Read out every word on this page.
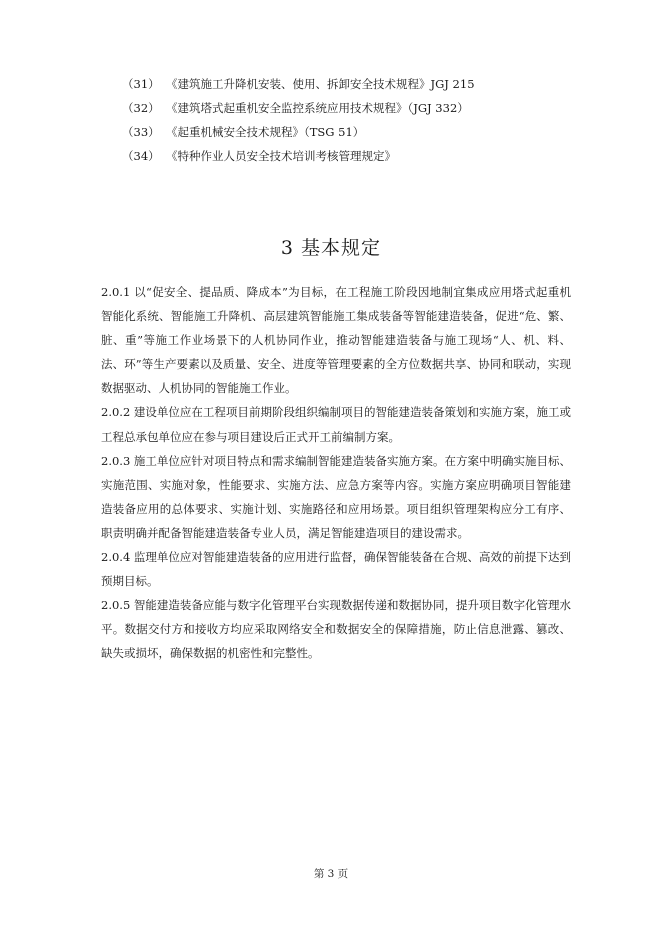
（31） 《建筑施工升降机安装、使用、拆卸安全技术规程》JGJ 215
（32） 《建筑塔式起重机安全监控系统应用技术规程》（JGJ 332）
（33） 《起重机械安全技术规程》（TSG 51）
（34） 《特种作业人员安全技术培训考核管理规定》
3 基本规定

2.0.1 以“促安全、提品质、降成本”为目标，在工程施工阶段因地制宜集成应用塔式起重机智能化系统、智能施工升降机、高层建筑智能施工集成装备等智能建造装备，促进“危、繁、脏、重”等施工作业场景下的人机协同作业，推动智能建造装备与施工现场“人、机、料、法、环”等生产要素以及质量、安全、进度等管理要素的全方位数据共享、协同和联动，实现数据驱动、人机协同的智能施工作业。

2.0.2 建设单位应在工程项目前期阶段组织编制项目的智能建造装备策划和实施方案，施工或工程总承包单位应在参与项目建设后正式开工前编制方案。

2.0.3 施工单位应针对项目特点和需求编制智能建造装备实施方案。在方案中明确实施目标、实施范围、实施对象，性能要求、实施方法、应急方案等内容。实施方案应明确项目智能建造装备应用的总体要求、实施计划、实施路径和应用场景。项目组织管理架构应分工有序、职责明确并配备智能建造装备专业人员，满足智能建造项目的建设需求。

2.0.4 监理单位应对智能建造装备的应用进行监督，确保智能装备在合规、高效的前提下达到预期目标。

2.0.5 智能建造装备应能与数字化管理平台实现数据传递和数据协同，提升项目数字化管理水平。数据交付方和接收方均应采取网络安全和数据安全的保障措施，防止信息泄露、篡改、缺失或损坏，确保数据的机密性和完整性。

第 3 页
